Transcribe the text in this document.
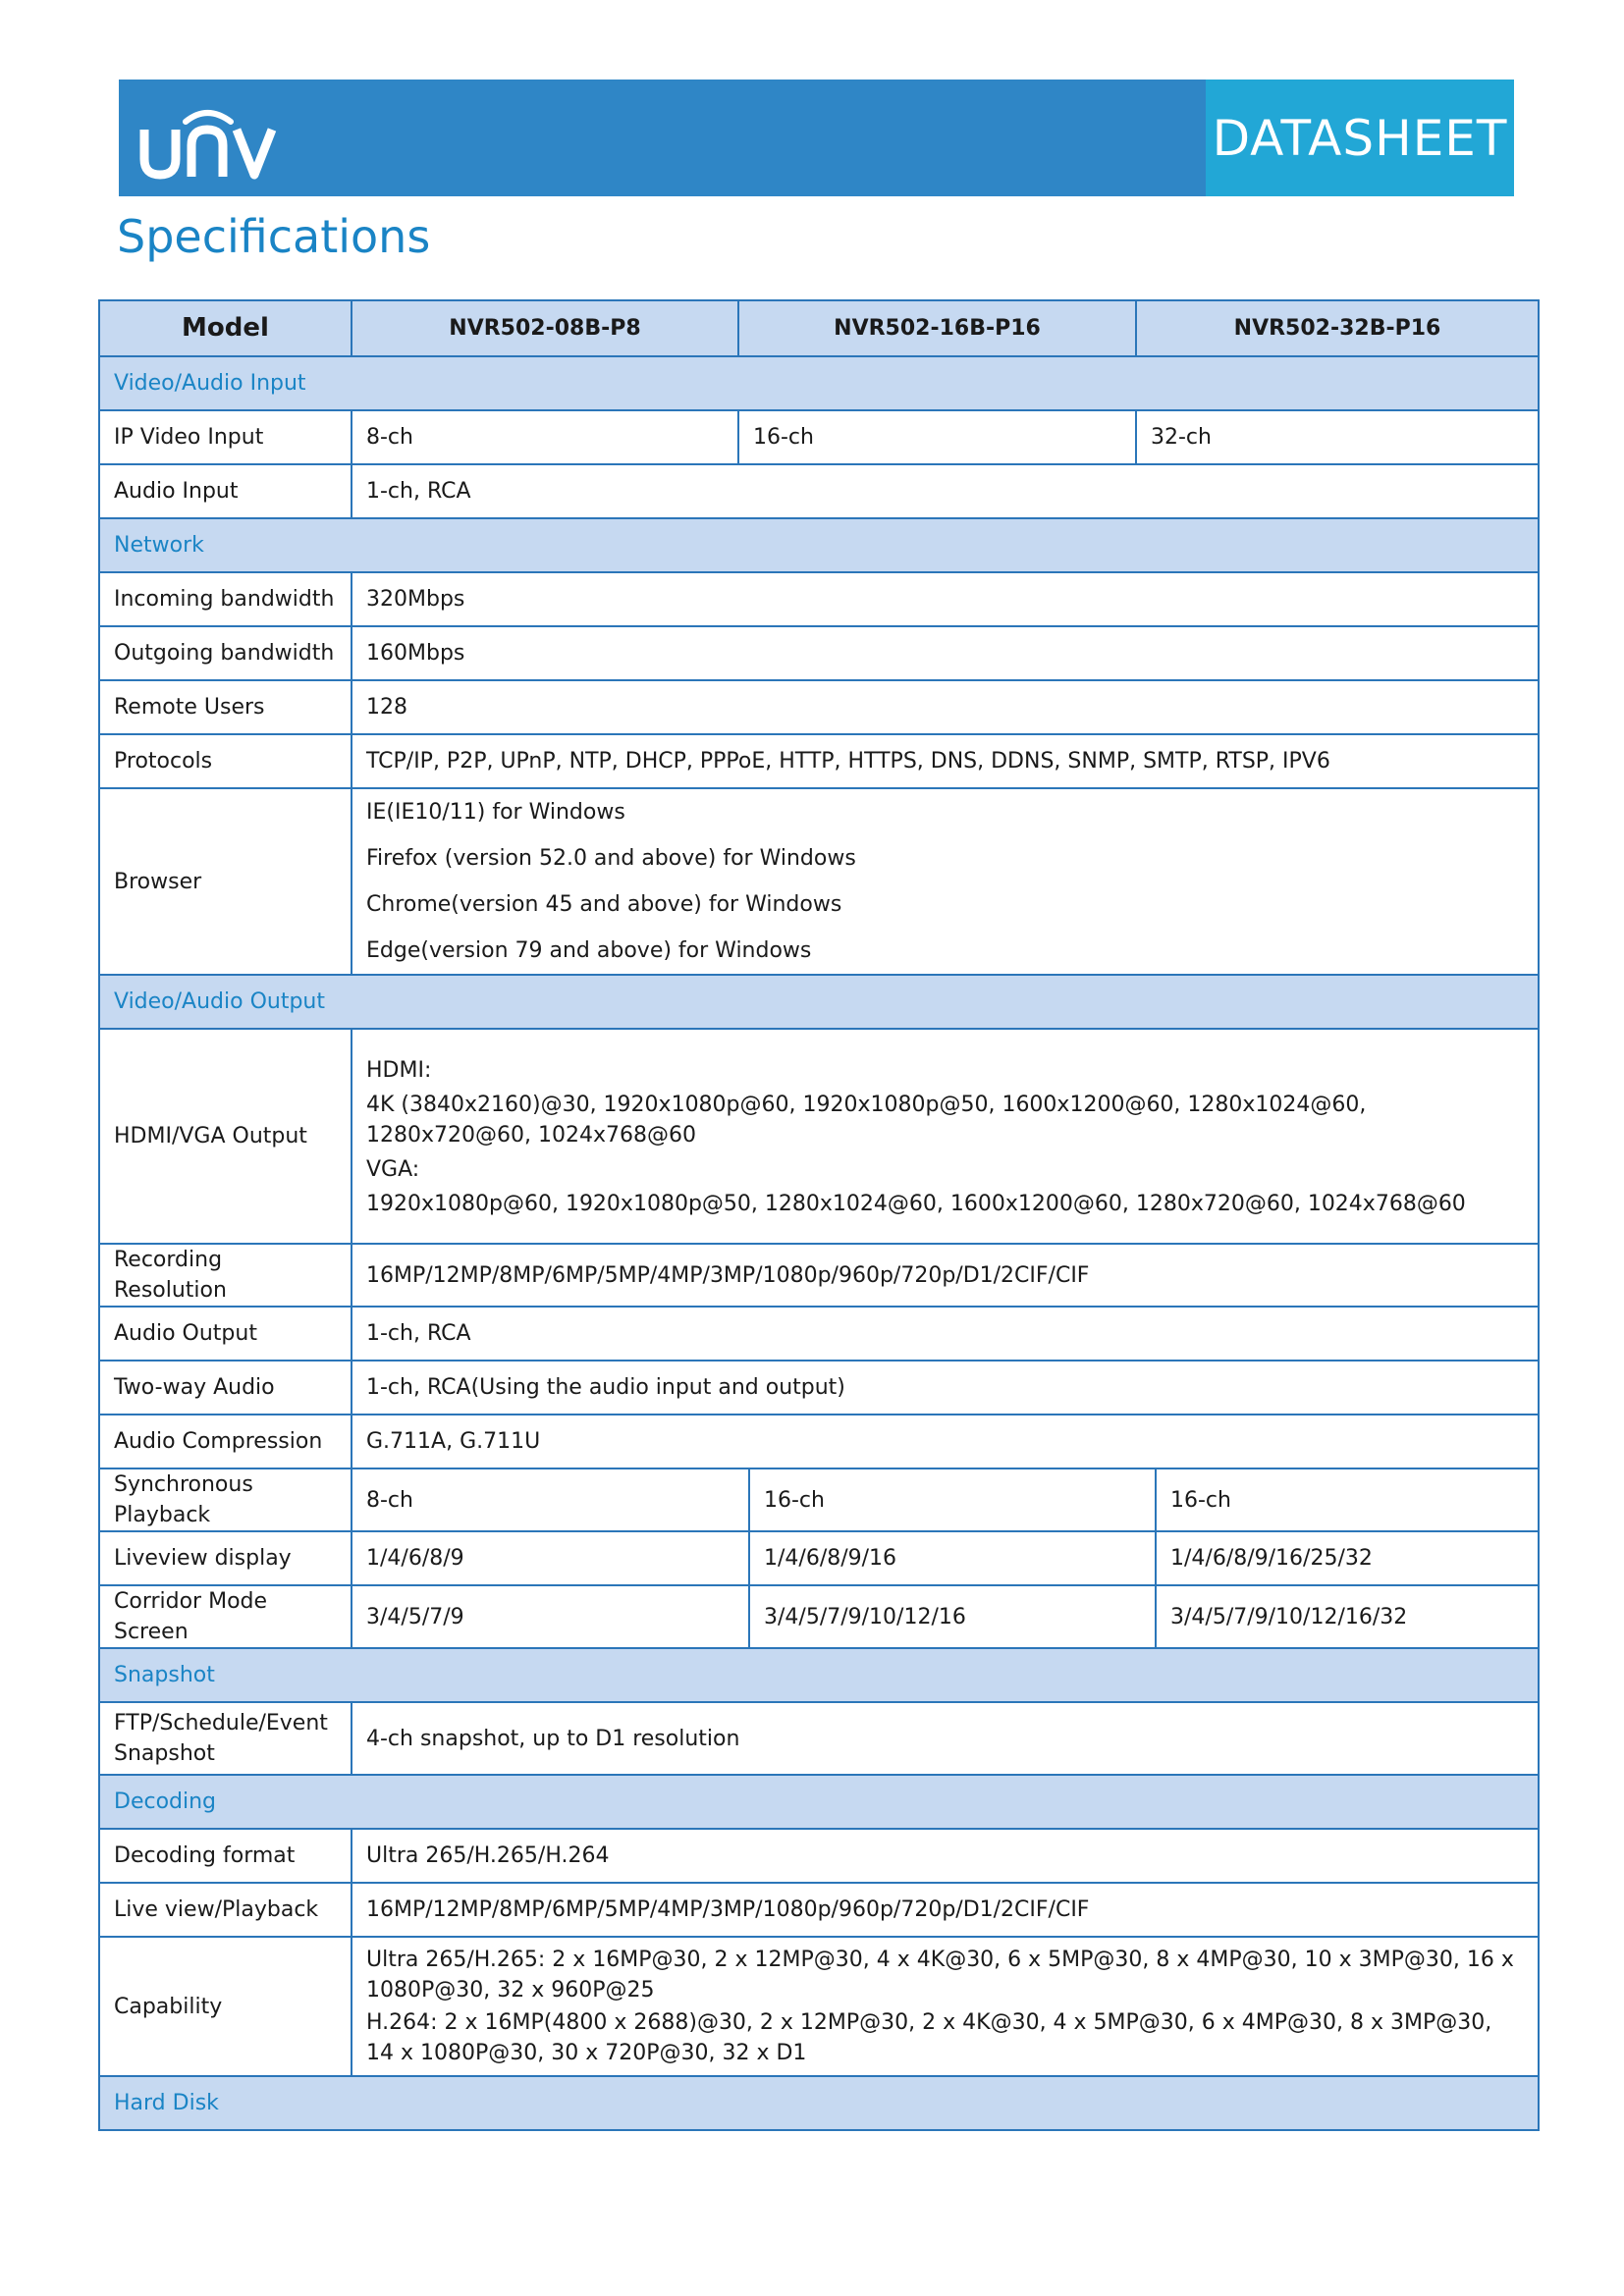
DATASHEET
Specifications
Model	NVR502-08B-P8	NVR502-16B-P16		NVR502-32B-P16	
Video/Audio Input					
IP Video Input	8-ch	16-ch		32-ch	
Audio Input	1-ch, RCA				
Network					
Incoming bandwidth	320Mbps				
Outgoing bandwidth	160Mbps				
Remote Users	128				
Protocols	TCP/IP, P2P, UPnP, NTP, DHCP, PPPoE, HTTP, HTTPS, DNS, DDNS, SNMP, SMTP, RTSP, IPV6				
Browser	IE(IE10/11) for Windows
Firefox (version 52.0 and above) for Windows
Chrome(version 45 and above) for Windows
Edge(version 79 and above) for Windows				

Video/Audio Output					
HDMI/VGA Output	HDMI:
4K (3840x2160)@30, 1920x1080p@60, 1920x1080p@50, 1600x1200@60, 1280x1024@60, 1280x720@60, 1024x768@60
VGA:
1920x1080p@60, 1920x1080p@50, 1280x1024@60, 1600x1200@60, 1280x720@60, 1024x768@60				

Recording Resolution	16MP/12MP/8MP/6MP/5MP/4MP/3MP/1080p/960p/720p/D1/2CIF/CIF				
Audio Output	1-ch, RCA				
Two-way Audio	1-ch, RCA(Using the audio input and output)				
Audio Compression	G.711A, G.711U				
Synchronous Playback	8-ch		16-ch		16-ch
Liveview display	1/4/6/8/9		1/4/6/8/9/16		1/4/6/8/9/16/25/32
Corridor Mode Screen	3/4/5/7/9		3/4/5/7/9/10/12/16		3/4/5/7/9/10/12/16/32
Snapshot					
FTP/Schedule/Event Snapshot	4-ch snapshot, up to D1 resolution				
Decoding					
Decoding format	Ultra 265/H.265/H.264				
Live view/Playback	16MP/12MP/8MP/6MP/5MP/4MP/3MP/1080p/960p/720p/D1/2CIF/CIF				
Capability	Ultra 265/H.265: 2 x 16MP@30, 2 x 12MP@30, 4 x 4K@30, 6 x 5MP@30, 8 x 4MP@30, 10 x 3MP@30, 16 x 1080P@30, 32 x 960P@25
H.264: 2 x 16MP(4800 x 2688)@30, 2 x 12MP@30, 2 x 4K@30, 4 x 5MP@30, 6 x 4MP@30, 8 x 3MP@30, 14 x 1080P@30, 30 x 720P@30, 32 x D1				

Hard Disk					
